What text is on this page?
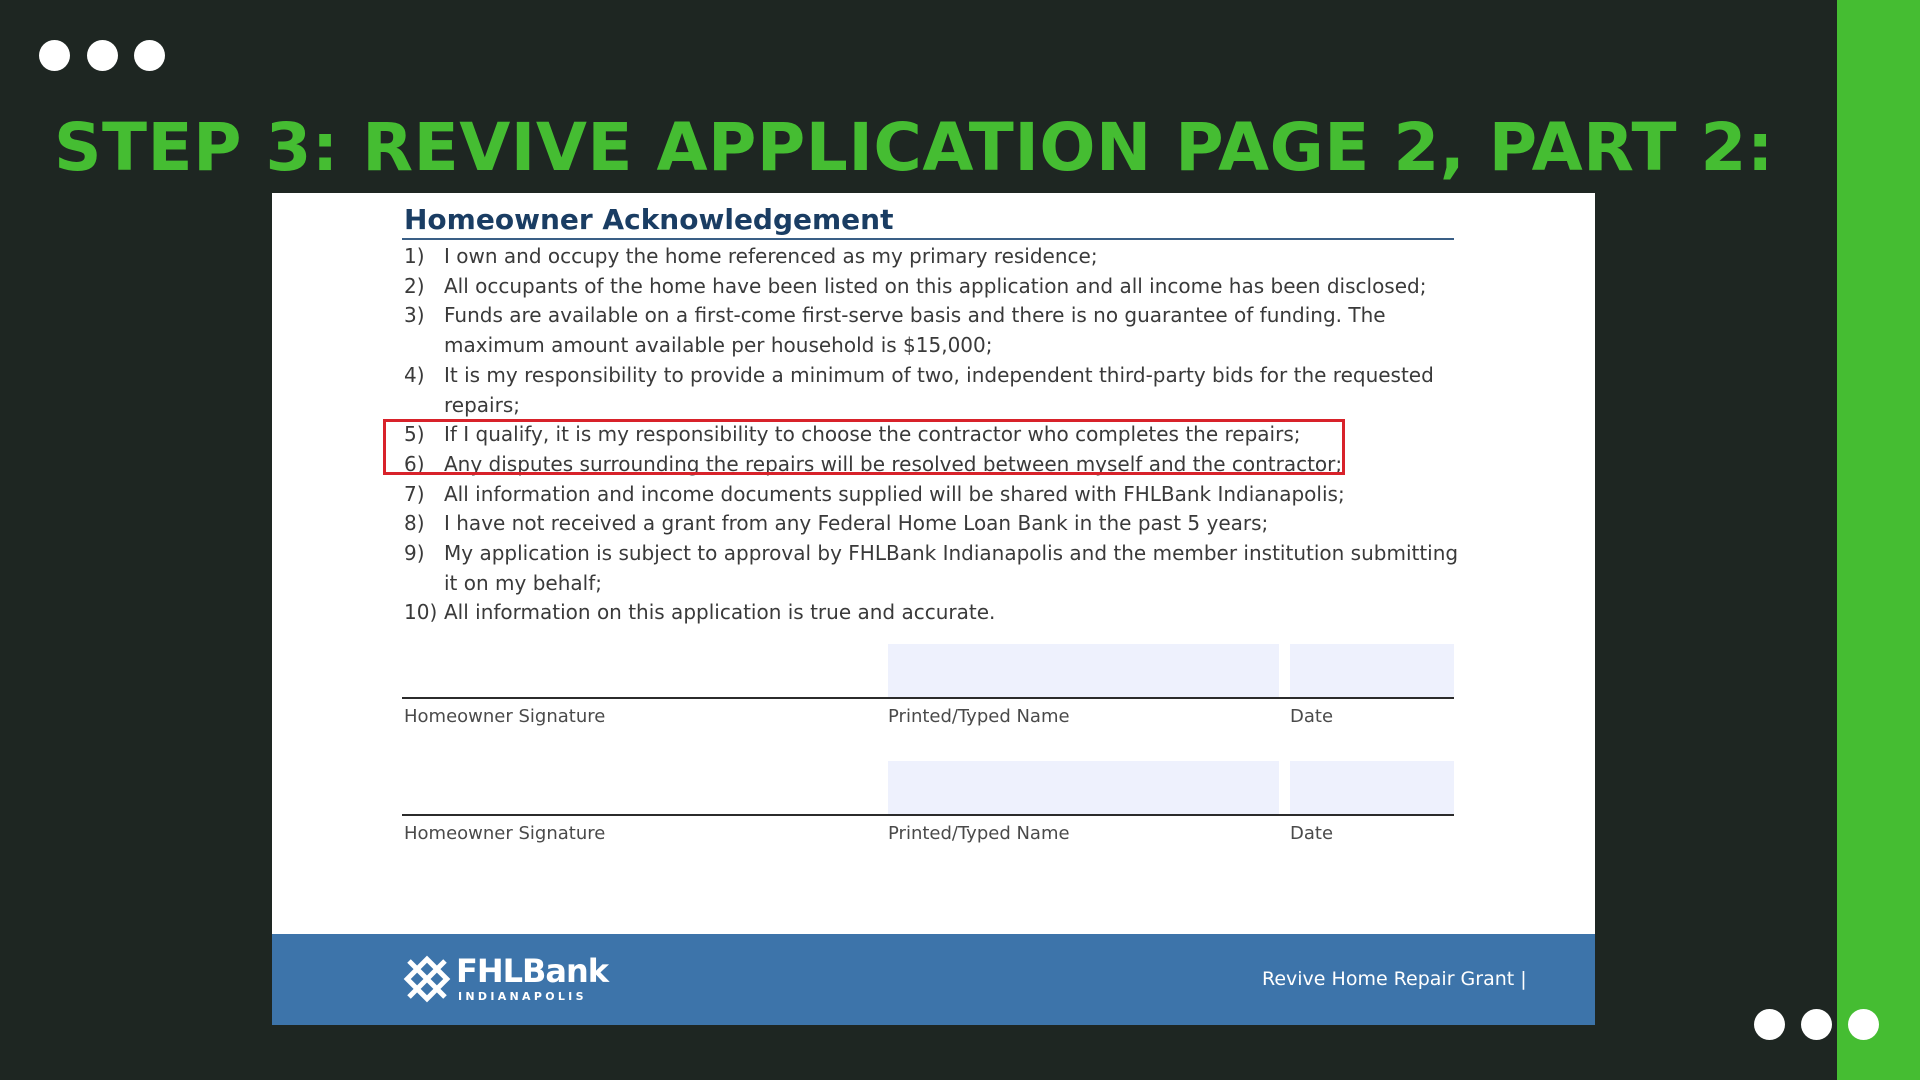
STEP 3: REVIVE APPLICATION PAGE 2, PART 2:
Homeowner Acknowledgement
1) I own and occupy the home referenced as my primary residence;
2) All occupants of the home have been listed on this application and all income has been disclosed;
3) Funds are available on a first-come first-serve basis and there is no guarantee of funding. The maximum amount available per household is $15,000;
4) It is my responsibility to provide a minimum of two, independent third-party bids for the requested repairs;
5) If I qualify, it is my responsibility to choose the contractor who completes the repairs;
6) Any disputes surrounding the repairs will be resolved between myself and the contractor;
7) All information and income documents supplied will be shared with FHLBank Indianapolis;
8) I have not received a grant from any Federal Home Loan Bank in the past 5 years;
9) My application is subject to approval by FHLBank Indianapolis and the member institution submitting it on my behalf;
10) All information on this application is true and accurate.
Homeowner Signature	Printed/Typed Name	Date
Homeowner Signature	Printed/Typed Name	Date
FHLBank
INDIANAPOLIS
Revive Home Repair Grant |
